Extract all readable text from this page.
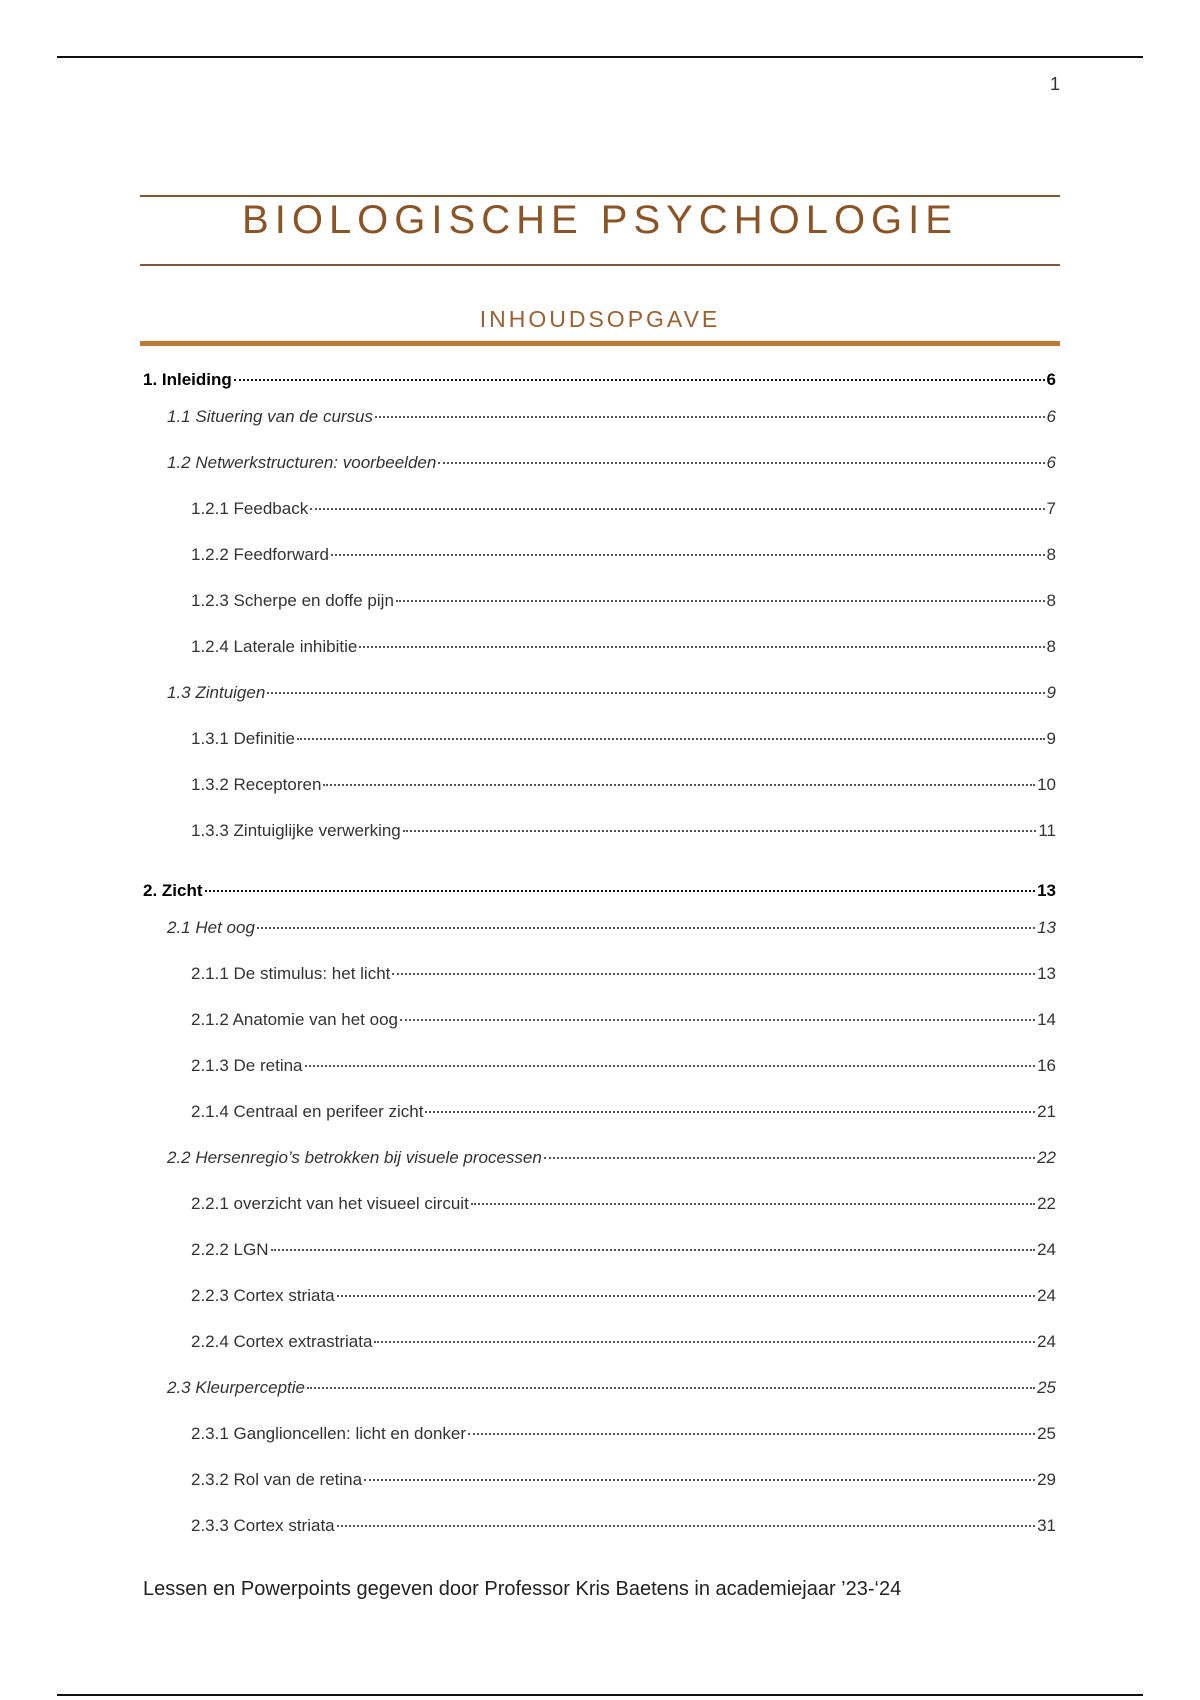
1
BIOLOGISCHE PSYCHOLOGIE
INHOUDSOPGAVE
1. Inleiding	6
1.1 Situering van de cursus	6
1.2 Netwerkstructuren: voorbeelden	6
1.2.1 Feedback	7
1.2.2 Feedforward	8
1.2.3 Scherpe en doffe pijn	8
1.2.4 Laterale inhibitie	8
1.3 Zintuigen	9
1.3.1 Definitie	9
1.3.2 Receptoren	10
1.3.3 Zintuiglijke verwerking	11
2. Zicht	13
2.1 Het oog	13
2.1.1 De stimulus: het licht	13
2.1.2 Anatomie van het oog	14
2.1.3 De retina	16
2.1.4 Centraal en perifeer zicht	21
2.2 Hersenregio’s betrokken bij visuele processen	22
2.2.1 overzicht van het visueel circuit	22
2.2.2 LGN	24
2.2.3 Cortex striata	24
2.2.4 Cortex extrastriata	24
2.3 Kleurperceptie	25
2.3.1 Ganglioncellen: licht en donker	25
2.3.2 Rol van de retina	29
2.3.3 Cortex striata	31
Lessen en Powerpoints gegeven door Professor Kris Baetens in academiejaar ’23-‘24
